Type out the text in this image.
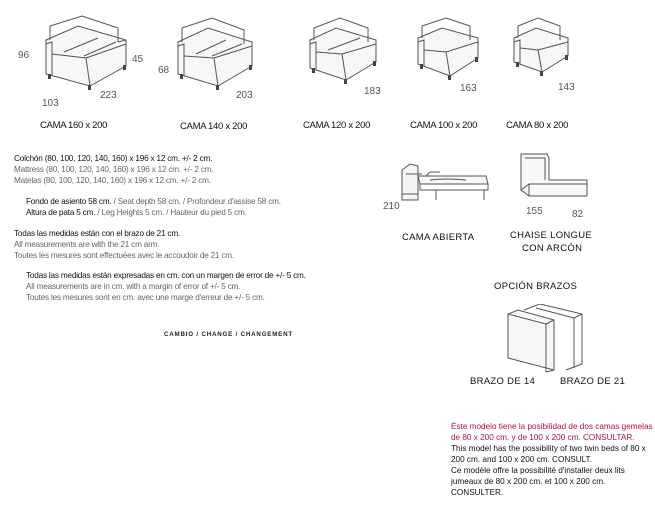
96	45
103
223
CAMA 160 x 200
68
203
CAMA 140 x 200
183
CAMA 120 x 200
163
CAMA 100 x 200
143
CAMA 80 x 200
Colchón (80, 100, 120, 140, 160) x 196 x 12 cm. +/- 2 cm.
Mattress (80, 100, 120, 140, 160) x 196 x 12 cm. +/- 2 cm.
Matelas (80, 100, 120, 140, 160) x 196 x 12 cm. +/- 2 cm.
Fondo de asiento 58 cm. / Seat depth 58 cm. / Profondeur d'assise 58 cm.
Altura de pata 5 cm. / Leg Heights 5 cm. / Hauteur du pied 5 cm.
Todas las medidas están con el brazo de 21 cm.
All measurements are with the 21 cm arm.
Toutes les mesures sont effectuées avec le accoudoir de 21 cm.
Todas las medidas están expresadas en cm. con un margen de error de +/- 5 cm.
All measurements are in cm. with a margin of error of +/- 5 cm.
Toutes les mesures sont en cm. avec une marge d'erreur de +/- 5 cm.
CAMBIO / CHANGE / CHANGEMENT
210
CAMA ABIERTA
155	82
CHAISE LONGUE
CON ARCÓN
OPCIÓN BRAZOS
BRAZO DE 14	BRAZO DE 21
Éste modelo tiene la posibilidad de dos camas gemelas de 80 x 200 cm. y de 100 x 200 cm. CONSULTAR.
This model has the possibility of two twin beds of 80 x 200 cm. and 100 x 200 cm. CONSULT.
Ce modèle offre la possibilité d'installer deux lits jumeaux de 80 x 200 cm. et 100 x 200 cm. CONSULTER.
